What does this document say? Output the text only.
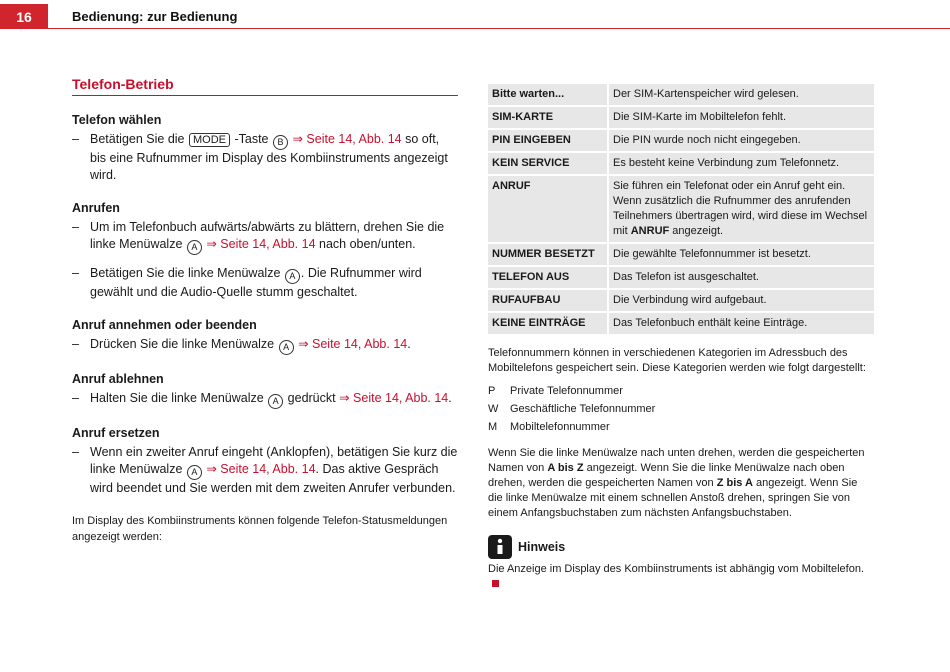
16	Bedienung: zur Bedienung
Telefon-Betrieb
Telefon wählen
– Betätigen Sie die MODE -Taste B ⇒ Seite 14, Abb. 14 so oft, bis eine Rufnummer im Display des Kombiinstruments angezeigt wird.
Anrufen
– Um im Telefonbuch aufwärts/abwärts zu blättern, drehen Sie die linke Menüwalze A ⇒ Seite 14, Abb. 14 nach oben/unten.
– Betätigen Sie die linke Menüwalze A . Die Rufnummer wird gewählt und die Audio-Quelle stumm geschaltet.
Anruf annehmen oder beenden
– Drücken Sie die linke Menüwalze A ⇒ Seite 14, Abb. 14.
Anruf ablehnen
– Halten Sie die linke Menüwalze A gedrückt ⇒ Seite 14, Abb. 14.
Anruf ersetzen
– Wenn ein zweiter Anruf eingeht (Anklopfen), betätigen Sie kurz die linke Menüwalze A ⇒ Seite 14, Abb. 14. Das aktive Gespräch wird beendet und Sie werden mit dem zweiten Anrufer verbunden.
Im Display des Kombiinstruments können folgende Telefon-Statusmeldungen angezeigt werden:
Bitte warten...	Der SIM-Kartenspeicher wird gelesen.
SIM-KARTE	Die SIM-Karte im Mobiltelefon fehlt.
PIN EINGEBEN	Die PIN wurde noch nicht eingegeben.
KEIN SERVICE	Es besteht keine Verbindung zum Telefonnetz.
ANRUF	Sie führen ein Telefonat oder ein Anruf geht ein. Wenn zusätzlich die Rufnummer des anrufenden Teilnehmers übertragen wird, wird diese im Wechsel mit ANRUF angezeigt.
NUMMER BESETZT	Die gewählte Telefonnummer ist besetzt.
TELEFON AUS	Das Telefon ist ausgeschaltet.
RUFAUFBAU	Die Verbindung wird aufgebaut.
KEINE EINTRÄGE	Das Telefonbuch enthält keine Einträge.
Telefonnummern können in verschiedenen Kategorien im Adressbuch des Mobiltelefons gespeichert sein. Diese Kategorien werden wie folgt dargestellt:
P	Private Telefonnummer
W	Geschäftliche Telefonnummer
M	Mobiltelefonnummer
Wenn Sie die linke Menüwalze nach unten drehen, werden die gespeicherten Namen von A bis Z angezeigt. Wenn Sie die linke Menüwalze nach oben drehen, werden die gespeicherten Namen von Z bis A angezeigt. Wenn Sie die linke Menüwalze mit einem schnellen Anstoß drehen, springen Sie von einem Anfangsbuchstaben zum nächsten Anfangsbuchstaben.
Hinweis
Die Anzeige im Display des Kombiinstruments ist abhängig vom Mobiltelefon.
